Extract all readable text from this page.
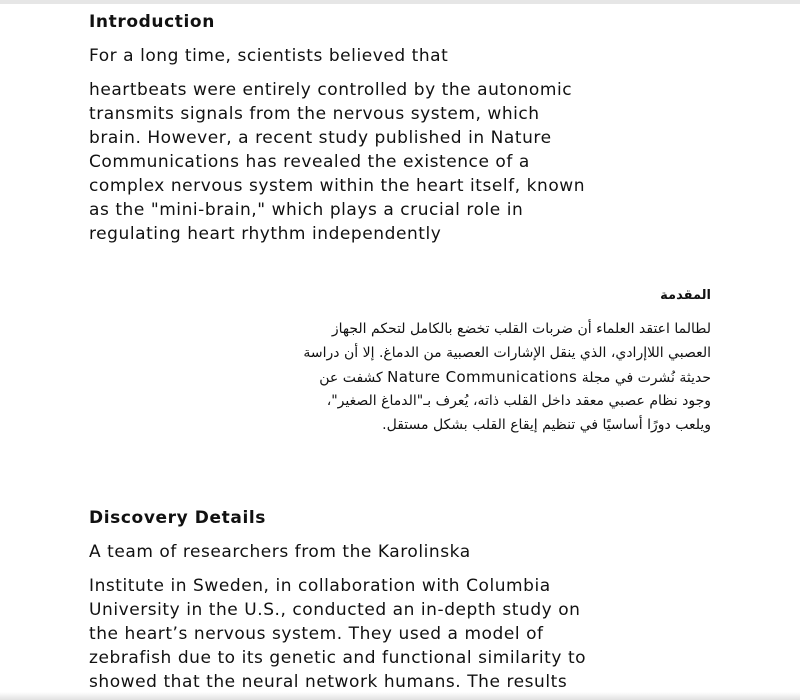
Introduction

For a long time, scientists believed that

heartbeats were entirely controlled by the autonomic

transmits signals from the nervous system, which

brain. However, a recent study published in Nature

Communications has revealed the existence of a

complex nervous system within the heart itself, known

as the "mini-brain," which plays a crucial role in

regulating heart rhythm independently

المقدمة

لطالما اعتقد العلماء أن ضربات القلب تخضع بالكامل لتحكم الجهاز

العصبي اللاإرادي، الذي ينقل الإشارات العصبية من الدماغ. إلا أن دراسة

حديثة نُشرت في مجلة Nature Communications كشفت عن

وجود نظام عصبي معقد داخل القلب ذاته، يُعرف بـ"الدماغ الصغير"،

ويلعب دورًا أساسيًا في تنظيم إيقاع القلب بشكل مستقل.

Discovery Details

A team of researchers from the Karolinska

Institute in Sweden, in collaboration with Columbia

University in the U.S., conducted an in-depth study on

the heart’s nervous system. They used a model of

zebrafish due to its genetic and functional similarity to

showed that the neural network humans. The results
